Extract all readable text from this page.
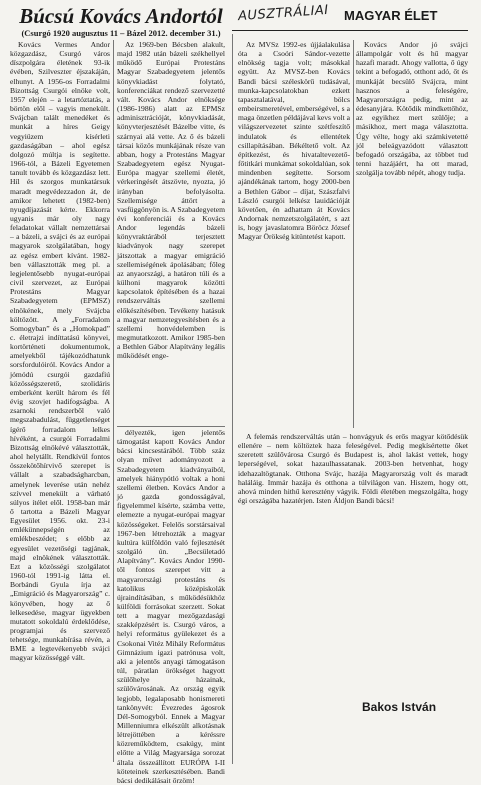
Búcsú Kovács Andortól
(Csurgó 1920 augusztus 11 – Bázel 2012. december 31.)
AUSZTRÁLIAI MAGYAR ÉLET

Kovács Vermes Andor közgazdász, Csurgó város díszpolgára életének 93-ik évében, Szilveszter éjszakáján, elhunyt. A 1956-os Forradalmi Bizottság Csurgói elnöke volt, 1957 elején – a letartóztatás, a börtön elől – vagyis menekült. Svájcban talált menedéket és munkát a híres Geigy vegyiüzem kísérleti gazdaságában – ahol egész dolgozó múltja is segítette. 1966-tól, a Bázeli Egyetemen tanult tovább és közgazdász lett. Híl és szorgos munkatársuk maradt megvédezzadon át, de amikor lehetett (1982-ben) nyugdíjazását kérte. Ekkorra ugyanis már oly nagy feladatokat vállalt nemzettársai – a bázeli, a svájci és az európai magyarok szolgálatában, hogy az egész embert kívánt. 1982-ben vállasztották meg pl. a legjelentősebb nyugat-európai civil szervezet, az Európai Protestáns Magyar Szabadegyetem (EPMSZ) elnökének, mely Svájcba költözött. A „Forradalom Somogyban” és a „Homokpad” c. életrajzi indíttatású könyvei, kortörténeti dokumentumok, amelyekből tájékozódhatunk sorsfordulóiról. Kovács Andor a jómódú csurgói gazdafiú közösségszerető, szolidáris emberként került három és fél évig szovjet hadifogságba. A zsarnoki rendszerből való megszabadulást, függetlenséget ígérő forradalom lelkes hívéként, a csurgói Forradalmi Bizottság elnökévé választották, ahol helytállt. Rendkívül fontos összekötőhírvivő szerepet is vállalt a szabadságharcban, amelynek leverése után nehéz szívvel menekült a várható súlyos ítélet elől. 1958-ban már ő tartotta a Bázeli Magyar Egyesület 1956. okt. 23-i emlékünnepségén az emlékbeszédet; s előbb az egyesület vezetőségi tagjának, majd elnökének választották. Ezt a közösségi szolgálatot 1960-tól 1991-ig látta el. Borbándi Gyula írja az „Emigráció és Magyarország” c. könyvében, hogy az ő lelkesedése, magyar ügyekben mutatott sokoldalú érdeklődése, programjai és szervező tehetsége, munkabírása révén, a BME a legtevékenyebb svájci magyar közösséggé vált.

Az 1969-ben Bécsben alakult, majd 1982 után bázeli székhellyel működő Európai Protestáns Magyar Szabadegyetem jelentős könyvkiadást folytató, konferenciákat rendező szervezetté vált. Kovács Andor elnöksége (1986-1986) alatt az EPMSz adminisztrációját, könyvkiadását, könyvterjesztését Bázelbe vitte, és szárnyai alá vette. Az ő és bázeli társai közös munkájának része van abban, hogy a Protestáns Magyar Szabadegyetem egész Nyugat-Európa magyar szellemi életét, vérkeringését átszövte, nyozta, jó irányban befolyásolta. Szellemisége áttört a vasfüggönyön is. A Szabadegyetem évi konferenciái és a Kovács Andor legendás bázeli könyvraktárából terjesztett kiadványok nagy szerepet játszottak a magyar emigráció szellemiségének ápolásában; főleg az anyaországi, a határon túli és a külhoni magyarok közötti kapcsolatok építésében és a hazai rendszerváltás szellemi előkészítésében. Tevékeny hatásuk a magyar nemzetegyesítésben és a szellemi honvédelemben is megmutatkozott. Amikor 1985-ben a Bethlen Gábor Alapítvány legális működését enge-

délyezték, igen jelentős támogatást kapott Kovács Andor bácsi kincsestárából. Több száz olyan művet adományozott a Szabadegyetem kiadványaiból, amelyek hiánypótló voltak a honi szellemi életben. Kovács Andor a jó gazda gondosságával, figyelemmel kísérte, számba vette, elemezte a nyugat-európai magyar közösségeket. Felelős sorstársaival 1967-ben létrehozták a magyar kultúra külföldön való fejlesztését szolgáló ún. „Becsületadó Alapítvány”. Kovács Andor 1990-től fontos szerepet vitt a magyarországi protestáns és katolikus középiskolák újraindításában, s működésükhöz külföldi forrásokat szerzett. Sokat tett a magyar mezőgazdasági szakképzésért is. Csurgó város, a helyi református gyülekezet és a Csokonai Vitéz Mihály Református Gimnázium igazi patrónusa volt, aki a jelentős anyagi támogatáson túl, páratlan örökséget hagyott szülőhelye házainak, szülővárosának. Az ország egyik legjobb, legalaposabb honismereti tankönyvét: Évezredes ágosrok Dél-Somogyból. Ennek a Magyar Millenniumra elkészült alkotásnak létrejöttében a kéréssre közreműködtem, csakúgy, mint előtte a Világ Magyarsága sorozat általa összeállított EURÓPA I-II köteteinek szerkesztésében. Bandi bácsi dedikálásait őrzöm!

Az MVSz 1992-es újjáalakulása óta a Csoóri Sándor-vezette elnökség tagja volt; másokkal együtt. Az MVSZ-ben Kovács Bandi bácsi széleskörű tudásával, munka-kapcsolatokban ezkett tapasztalatával, bölcs embeirsmeretével, emberségével, s a maga önzetlen példájával kevs volt a világszervezetet szinte szétfeszítő indulatok és ellentétek csillapításában. Békéltető volt. Az építkezést, és hivataltevezető-főtitkári munkámat sokoldalúan, sok mindenben segítette. Sorsom ajándékának tartom, hogy 2000-ben a Bethlen Gábor – díjat, Szászfalvi László csurgói lelkész lauidációját követően, én adhattam át Kovács Andornak nemzetszolgálatért, s azt is, hogy javaslatomra Böröcz József Magyar Örökség kitüntetést kapott.

Kovács Andor jó svájci állampolgár volt és hű magyar hazafi maradt. Ahogy vallotta, ő úgy tekint a befogadó, otthont adó, őt és munkáját becsülő Svájcra, mint hasznos a feleségére, Magyarországra pedig, mint az édesanyjára. Kötődik mindkettőhöz, az egyikhez mert szülője; a másikhoz, mert maga választotta. Úgy vélte, hogy aki számkivetetté jól beleágyazódott választott befogadó országába, az többet tud tenni hazájáért, ha ott marad, szolgálja tovább népét, ahogy tudja.

A felemás rendszerváltás után – honvágyuk és erős magyar kötődésük ellenére – nem költöztek haza feleségével. Pedig megkísértette őket szeretett szülővárosa Csurgó és Budapest is, ahol lakást vettek, hogy leperségével, sokat hazaulhassatanak. 2003-ben hetvenhat, hogy idehazaltögtanak. Otthona Svájc, hazája Magyarország volt és maradt haláláig. Immár hazája és otthona a túlvilágon van. Hiszem, hogy ott, ahová minden hithű keresztény vágyik. Földi életében megszolgálta, hogy égi országába hazatérjen. Isten Áldjon Bandi bácsi!

Bakos István
